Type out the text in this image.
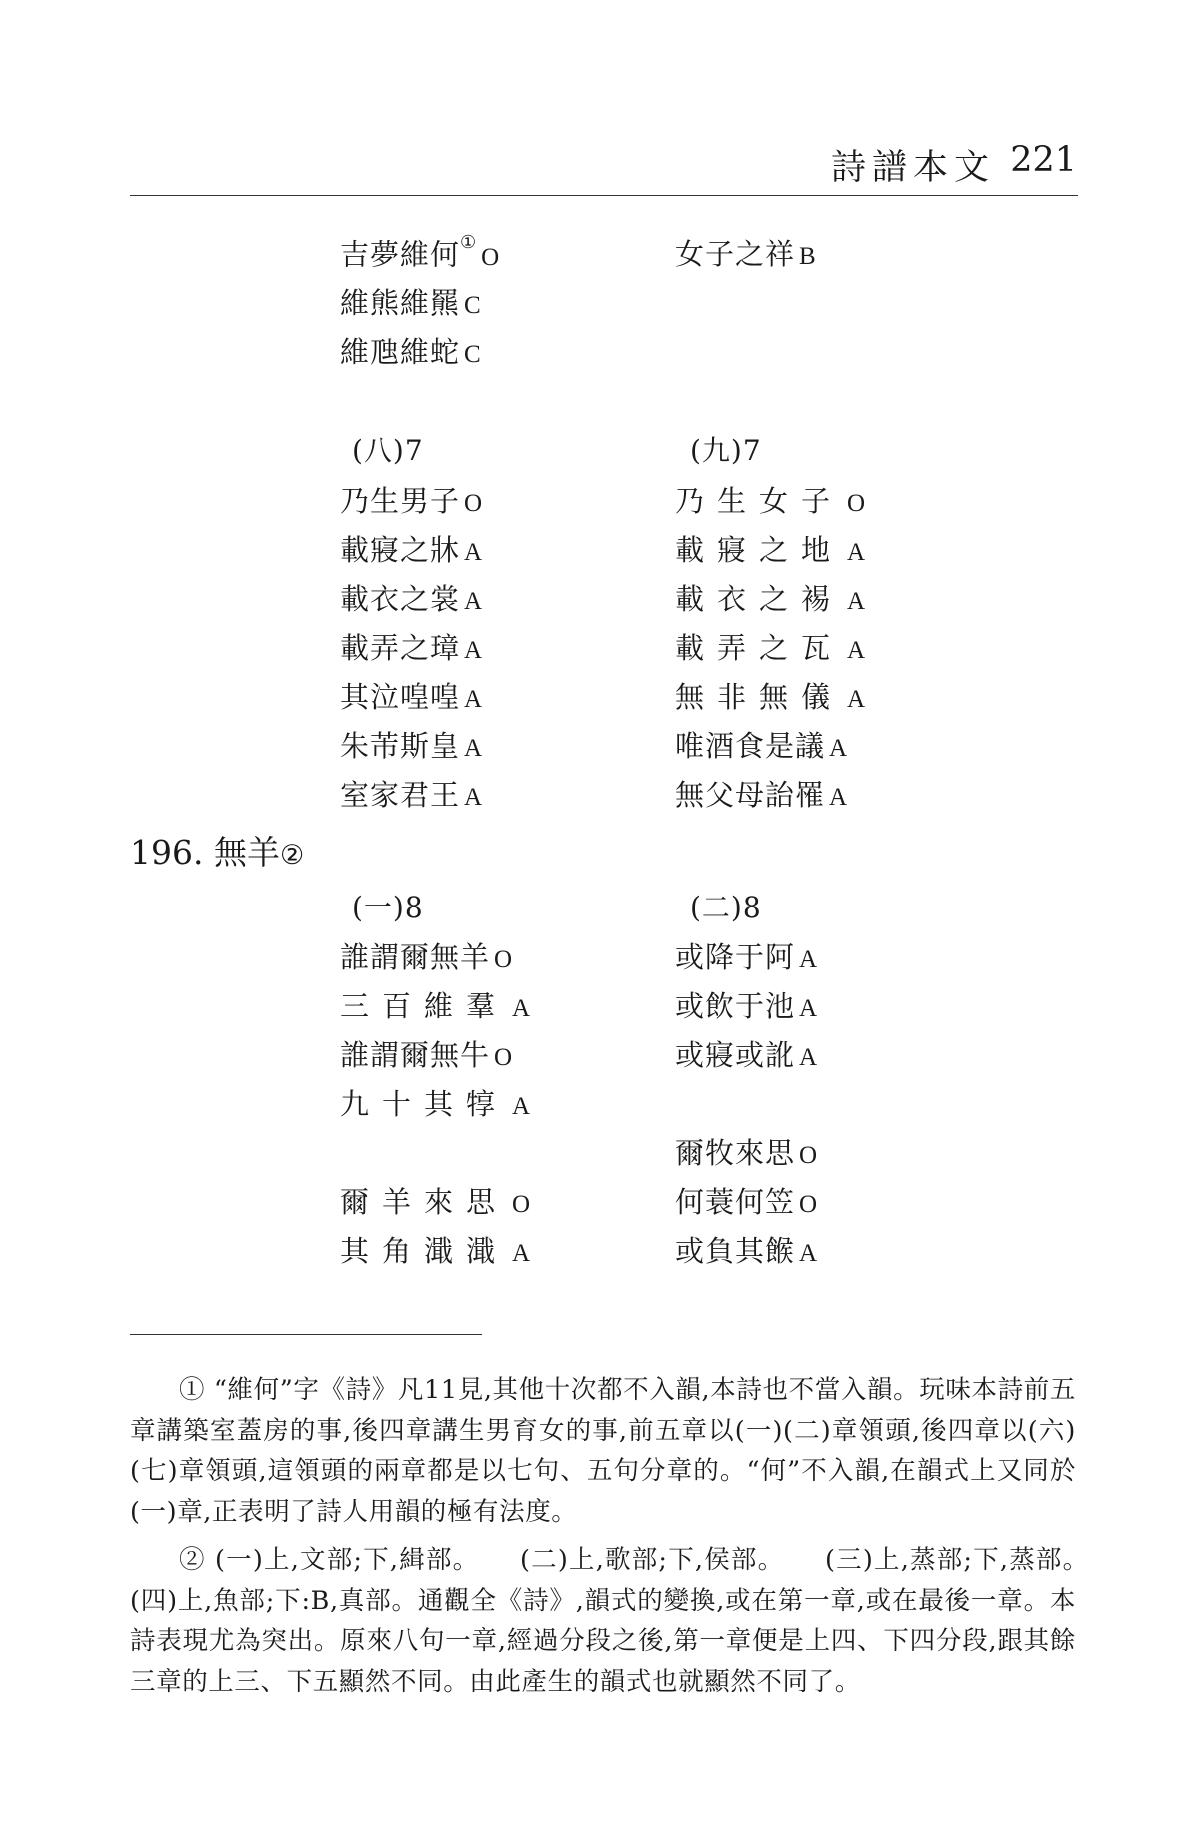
詩譜本文 221
吉夢維何①O
維熊維羆 C
維虺維蛇 C
女子之祥 B
(八)7
乃生男子 O
載寢之牀 A
載衣之裳 A
載弄之璋 A
其泣喤喤 A
朱芾斯皇 A
室家君王 A
(九)7
乃生女子 O
載寢之地 A
載衣之裼 A
載弄之瓦 A
無非無儀 A
唯酒食是議 A
無父母詒罹 A
196. 無羊②
(一)8
誰謂爾無羊 O
三百維羣 A
誰謂爾無牛 O
九十其犉 A
爾羊來思 O
其角濈濈 A
(二)8
或降于阿 A
或飲于池 A
或寢或訛 A
爾牧來思 O
何蓑何笠 O
或負其餱 A

① “維何”字《詩》凡11見,其他十次都不入韻,本詩也不當入韻。玩味本詩前五章講築室蓋房的事,後四章講生男育女的事,前五章以(一)(二)章領頭,後四章以(六)(七)章領頭,這領頭的兩章都是以七句、五句分章的。“何”不入韻,在韻式上又同於(一)章,正表明了詩人用韻的極有法度。

② (一)上,文部;下,緝部。　　(二)上,歌部;下,侯部。　　(三)上,蒸部;下,蒸部。　　(四)上,魚部;下:B,真部。通觀全《詩》,韻式的變換,或在第一章,或在最後一章。本詩表現尤為突出。原來八句一章,經過分段之後,第一章便是上四、下四分段,跟其餘三章的上三、下五顯然不同。由此產生的韻式也就顯然不同了。
